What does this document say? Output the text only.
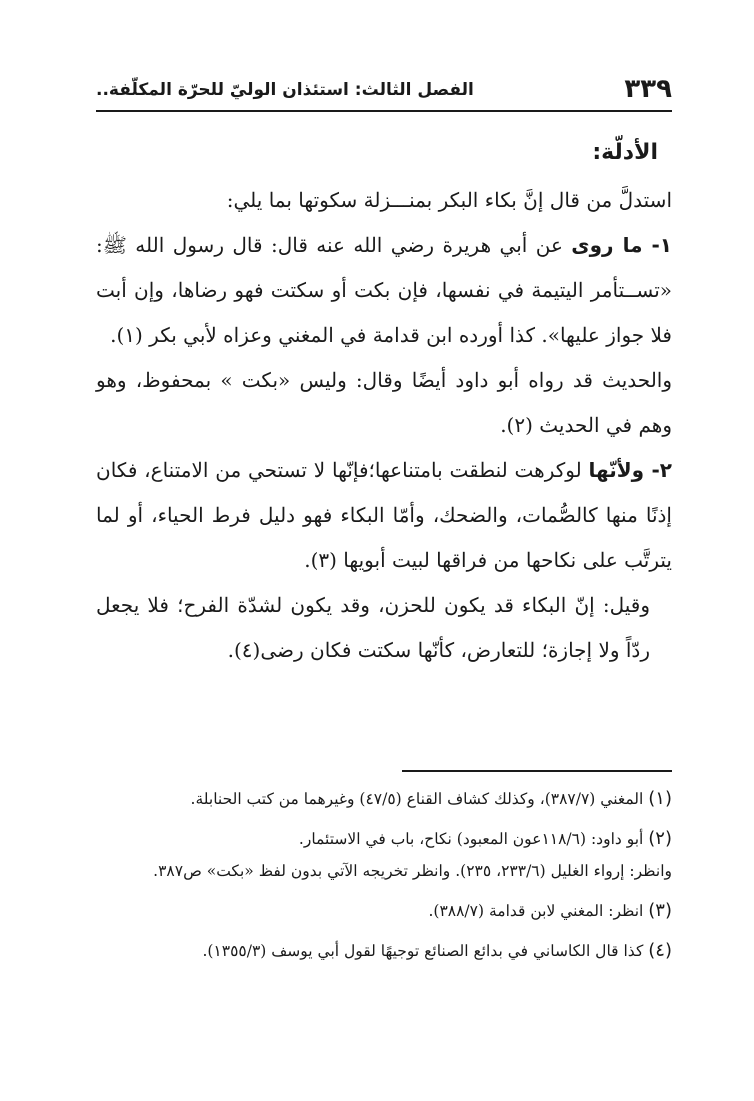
٣٣٩
الفصل الثالث: استئذان الوليّ للحرّة المكلّفة..

الأدلّة:

استدلَّ من قال إنَّ بكاء البكر بمنـــزلة سكوتها بما يلي:

١- ما روى عن أبي هريرة رضي الله عنه قال: قال رسول الله ﷺ: «تســتأمر اليتيمة في نفسها، فإن بكت أو سكتت فهو رضاها، وإن أبت فلا جواز عليها». كذا أورده ابن قدامة في المغني وعزاه لأبي بكر (١).

والحديث قد رواه أبو داود أيضًا وقال: وليس «بكت » بمحفوظ، وهو وهم في الحديث (٢).

٢- ولأنّها لوكرهت لنطقت بامتناعها؛فإنّها لا تستحي من الامتناع، فكان إذنًا منها كالصُّمات، والضحك، وأمّا البكاء فهو دليل فرط الحياء، أو لما يترتَّب على نكاحها من فراقها لبيت أبويها (٣).

وقيل: إنّ البكاء قد يكون للحزن، وقد يكون لشدّة الفرح؛ فلا يجعل ردّاً ولا إجازة؛ للتعارض، كأنّها سكتت فكان رضى(٤).

(١) المغني (٣٨٧/٧)، وكذلك كشاف القناع (٤٧/٥) وغيرهما من كتب الحنابلة.

(٢) أبو داود: (١١٨/٦عون المعبود) نكاح، باب في الاستئمار.

وانظر: إرواء الغليل (٢٣٣/٦، ٢٣٥). وانظر تخريجه الآتي بدون لفظ «بكت» ص٣٨٧.

(٣) انظر: المغني لابن قدامة (٣٨٨/٧).

(٤) كذا قال الكاساني في بدائع الصنائع توجيهًا لقول أبي يوسف (١٣٥٥/٣).
